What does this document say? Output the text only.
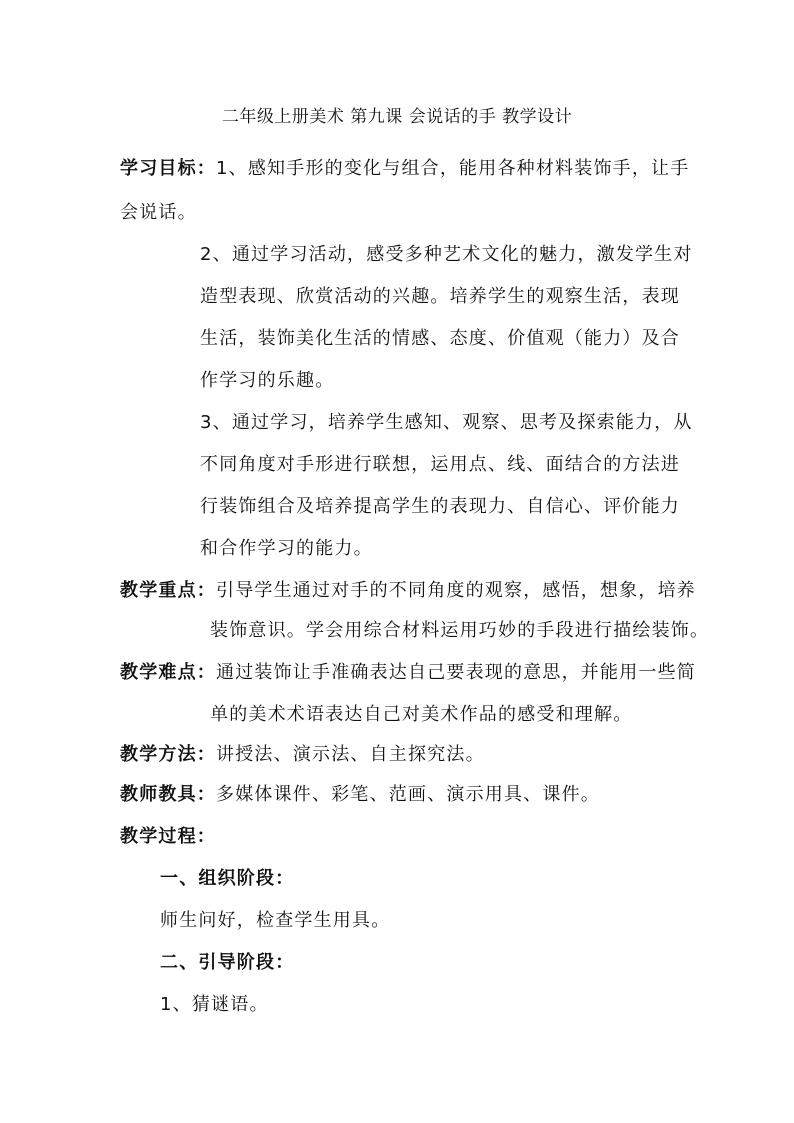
二年级上册美术 第九课 会说话的手 教学设计
学习目标：1、感知手形的变化与组合，能用各种材料装饰手，让手
会说话。
2、通过学习活动，感受多种艺术文化的魅力，激发学生对
造型表现、欣赏活动的兴趣。培养学生的观察生活，表现
生活，装饰美化生活的情感、态度、价值观（能力）及合
作学习的乐趣。
3、通过学习，培养学生感知、观察、思考及探索能力，从
不同角度对手形进行联想，运用点、线、面结合的方法进
行装饰组合及培养提高学生的表现力、自信心、评价能力
和合作学习的能力。
教学重点：引导学生通过对手的不同角度的观察，感悟，想象，培养
装饰意识。学会用综合材料运用巧妙的手段进行描绘装饰。
教学难点：通过装饰让手准确表达自己要表现的意思，并能用一些简
单的美术术语表达自己对美术作品的感受和理解。
教学方法：讲授法、演示法、自主探究法。
教师教具：多媒体课件、彩笔、范画、演示用具、课件。
教学过程：
一、组织阶段：
师生问好，检查学生用具。
二、引导阶段：
1、猜谜语。
